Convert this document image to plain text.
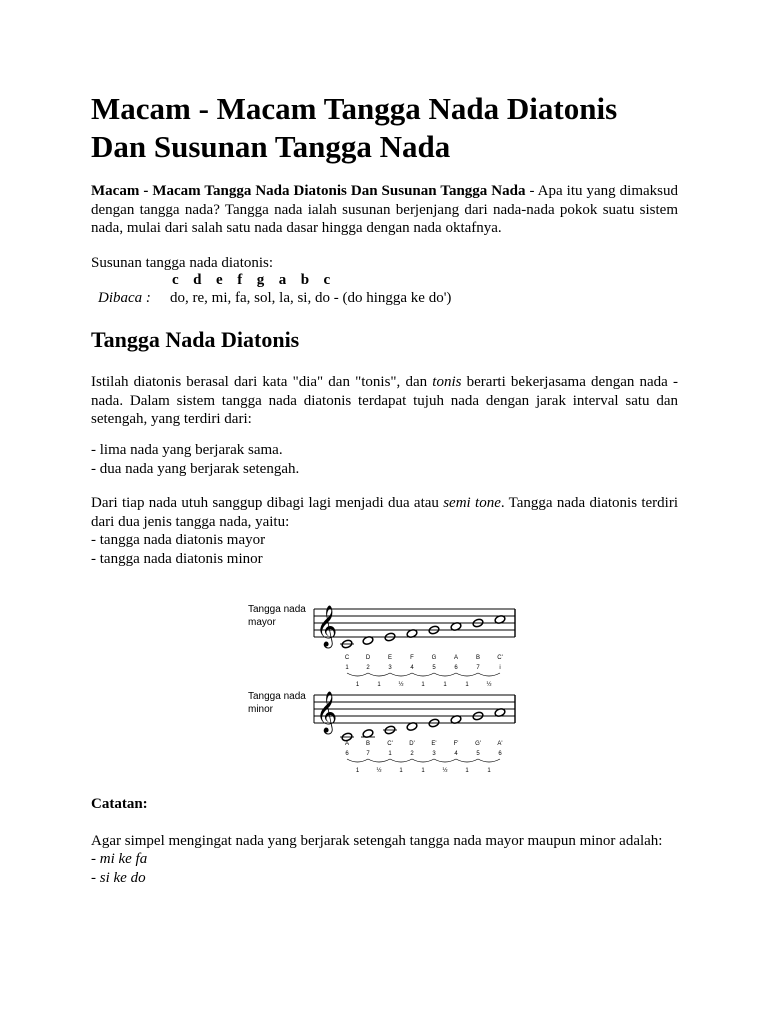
Macam - Macam Tangga Nada Diatonis Dan Susunan Tangga Nada

Macam - Macam Tangga Nada Diatonis Dan Susunan Tangga Nada - Apa itu yang dimaksud dengan tangga nada? Tangga nada ialah susunan berjenjang dari nada-nada pokok suatu sistem nada, mulai dari salah satu nada dasar hingga dengan nada oktafnya.

Susunan tangga nada diatonis:

c d e f g a b c
Dibaca : do, re, mi, fa, sol, la, si, do - (do hingga ke do')
Tangga Nada Diatonis

Istilah diatonis berasal dari kata "dia" dan "tonis", dan tonis berarti bekerjasama dengan nada - nada. Dalam sistem tangga nada diatonis terdapat tujuh nada dengan jarak interval satu dan setengah, yang terdiri dari:

- lima nada yang berjarak sama.
- dua nada yang berjarak setengah.

Dari tiap nada utuh sanggup dibagi lagi menjadi dua atau semi tone. Tangga nada diatonis terdiri dari dua jenis tangga nada, yaitu:
- tangga nada diatonis mayor
- tangga nada diatonis minor

Tangga nada
mayor 𝄞
C
1
D
2
E
3
F
4
G
5
A
6
B
7
C'
i
1	1	½	1	1	1	½
Tangga nada
minor 𝄞
A
6
B
7
C'
1
D'
2
E'
3
F'
4
G'
5
A'
6
1	½	1	1	½	1	1

Catatan:

Agar simpel mengingat nada yang berjarak setengah tangga nada mayor maupun minor adalah:

- mi ke fa
- si ke do
